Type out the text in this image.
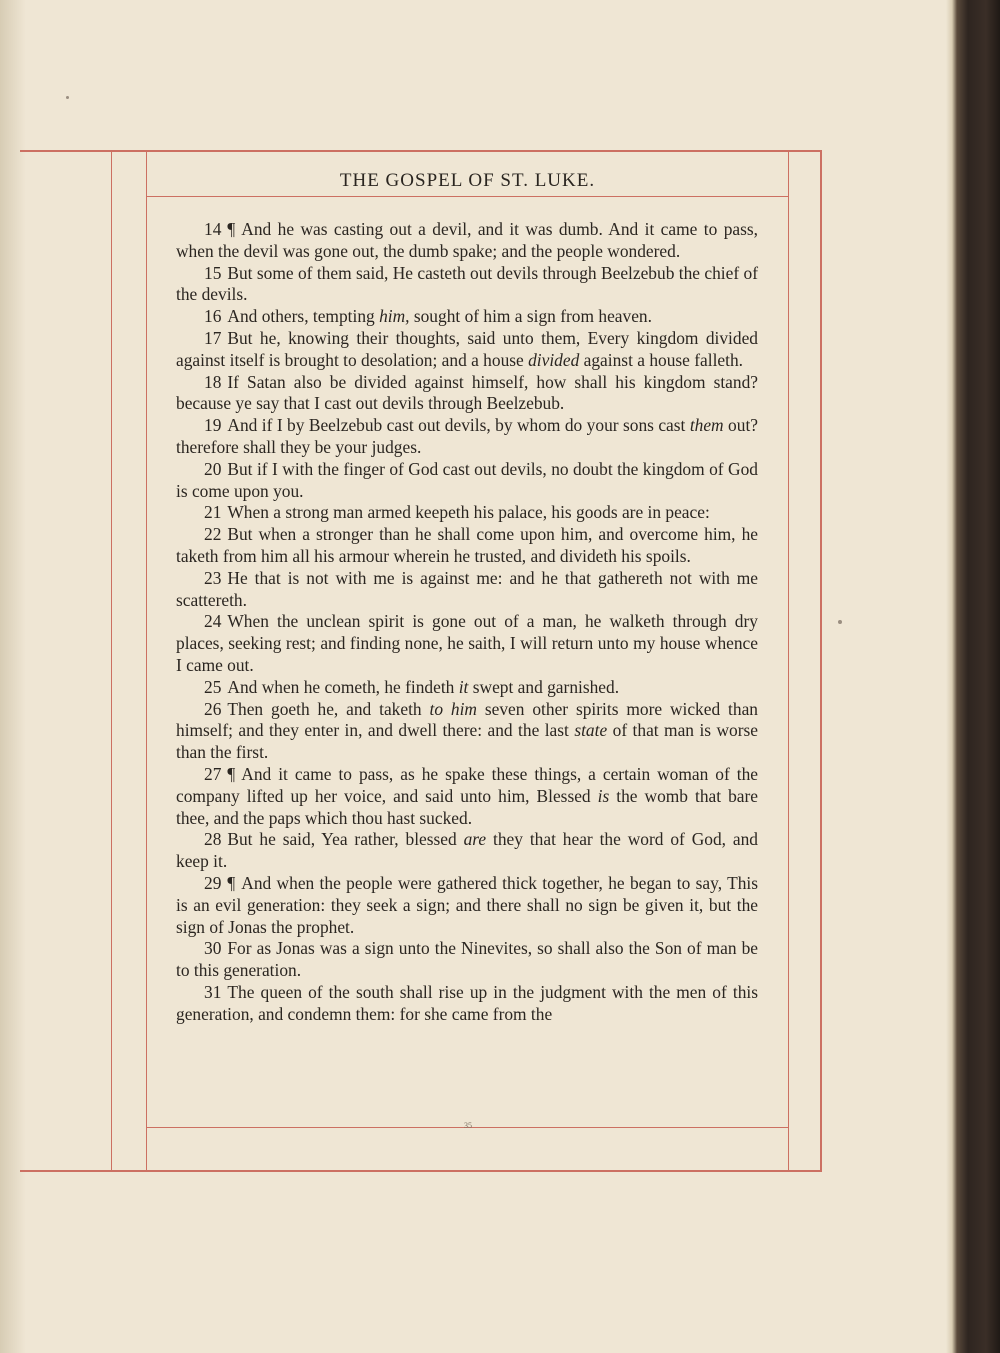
THE GOSPEL OF ST. LUKE.

14 ¶ And he was casting out a devil, and it was dumb. And it came to pass, when the devil was gone out, the dumb spake; and the people wondered.

15 But some of them said, He casteth out devils through Beelzebub the chief of the devils.

16 And others, tempting him, sought of him a sign from heaven.

17 But he, knowing their thoughts, said unto them, Every kingdom divided against itself is brought to desolation; and a house divided against a house falleth.

18 If Satan also be divided against himself, how shall his kingdom stand? because ye say that I cast out devils through Beelzebub.

19 And if I by Beelzebub cast out devils, by whom do your sons cast them out? therefore shall they be your judges.

20 But if I with the finger of God cast out devils, no doubt the kingdom of God is come upon you.

21 When a strong man armed keepeth his palace, his goods are in peace:

22 But when a stronger than he shall come upon him, and overcome him, he taketh from him all his armour wherein he trusted, and divideth his spoils.

23 He that is not with me is against me: and he that gathereth not with me scattereth.

24 When the unclean spirit is gone out of a man, he walketh through dry places, seeking rest; and finding none, he saith, I will return unto my house whence I came out.

25 And when he cometh, he findeth it swept and garnished.

26 Then goeth he, and taketh to him seven other spirits more wicked than himself; and they enter in, and dwell there: and the last state of that man is worse than the first.

27 ¶ And it came to pass, as he spake these things, a certain woman of the company lifted up her voice, and said unto him, Blessed is the womb that bare thee, and the paps which thou hast sucked.

28 But he said, Yea rather, blessed are they that hear the word of God, and keep it.

29 ¶ And when the people were gathered thick together, he began to say, This is an evil generation: they seek a sign; and there shall no sign be given it, but the sign of Jonas the prophet.

30 For as Jonas was a sign unto the Ninevites, so shall also the Son of man be to this generation.

31 The queen of the south shall rise up in the judgment with the men of this generation, and condemn them: for she came from the

35
